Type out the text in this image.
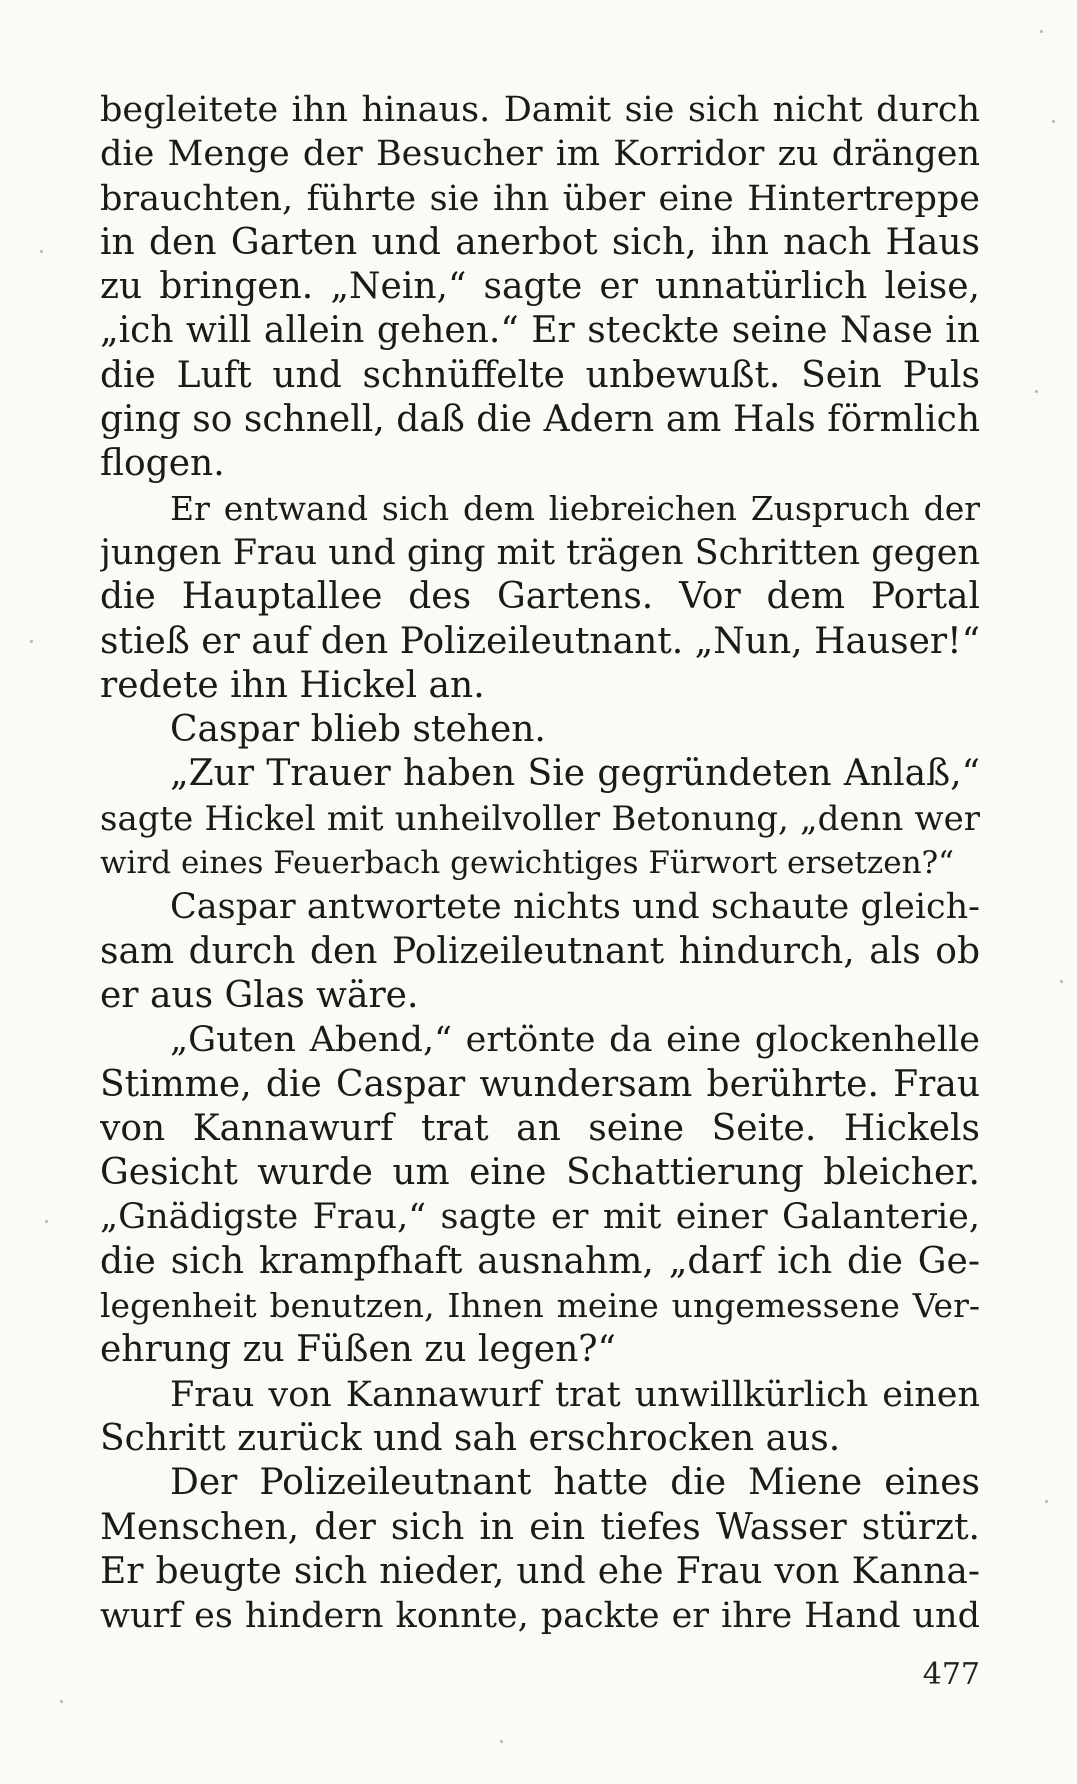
begleitete ihn hinaus. Damit sie sich nicht durch
die Menge der Besucher im Korridor zu drängen
brauchten, führte sie ihn über eine Hintertreppe
in den Garten und anerbot sich, ihn nach Haus
zu bringen. „Nein,“ sagte er unnatürlich leise,
„ich will allein gehen.“ Er steckte seine Nase in
die Luft und schnüffelte unbewußt. Sein Puls
ging so schnell, daß die Adern am Hals förmlich
flogen.
Er entwand sich dem liebreichen Zuspruch der
jungen Frau und ging mit trägen Schritten gegen
die Hauptallee des Gartens. Vor dem Portal
stieß er auf den Polizeileutnant. „Nun, Hauser!“
redete ihn Hickel an.
Caspar blieb stehen.
„Zur Trauer haben Sie gegründeten Anlaß,“
sagte Hickel mit unheilvoller Betonung, „denn wer
wird eines Feuerbach gewichtiges Fürwort ersetzen?“
Caspar antwortete nichts und schaute gleich-
sam durch den Polizeileutnant hindurch, als ob
er aus Glas wäre.
„Guten Abend,“ ertönte da eine glockenhelle
Stimme, die Caspar wundersam berührte. Frau
von Kannawurf trat an seine Seite. Hickels
Gesicht wurde um eine Schattierung bleicher.
„Gnädigste Frau,“ sagte er mit einer Galanterie,
die sich krampfhaft ausnahm, „darf ich die Ge-
legenheit benutzen, Ihnen meine ungemessene Ver-
ehrung zu Füßen zu legen?“
Frau von Kannawurf trat unwillkürlich einen
Schritt zurück und sah erschrocken aus.
Der Polizeileutnant hatte die Miene eines
Menschen, der sich in ein tiefes Wasser stürzt.
Er beugte sich nieder, und ehe Frau von Kanna-
wurf es hindern konnte, packte er ihre Hand und
477
